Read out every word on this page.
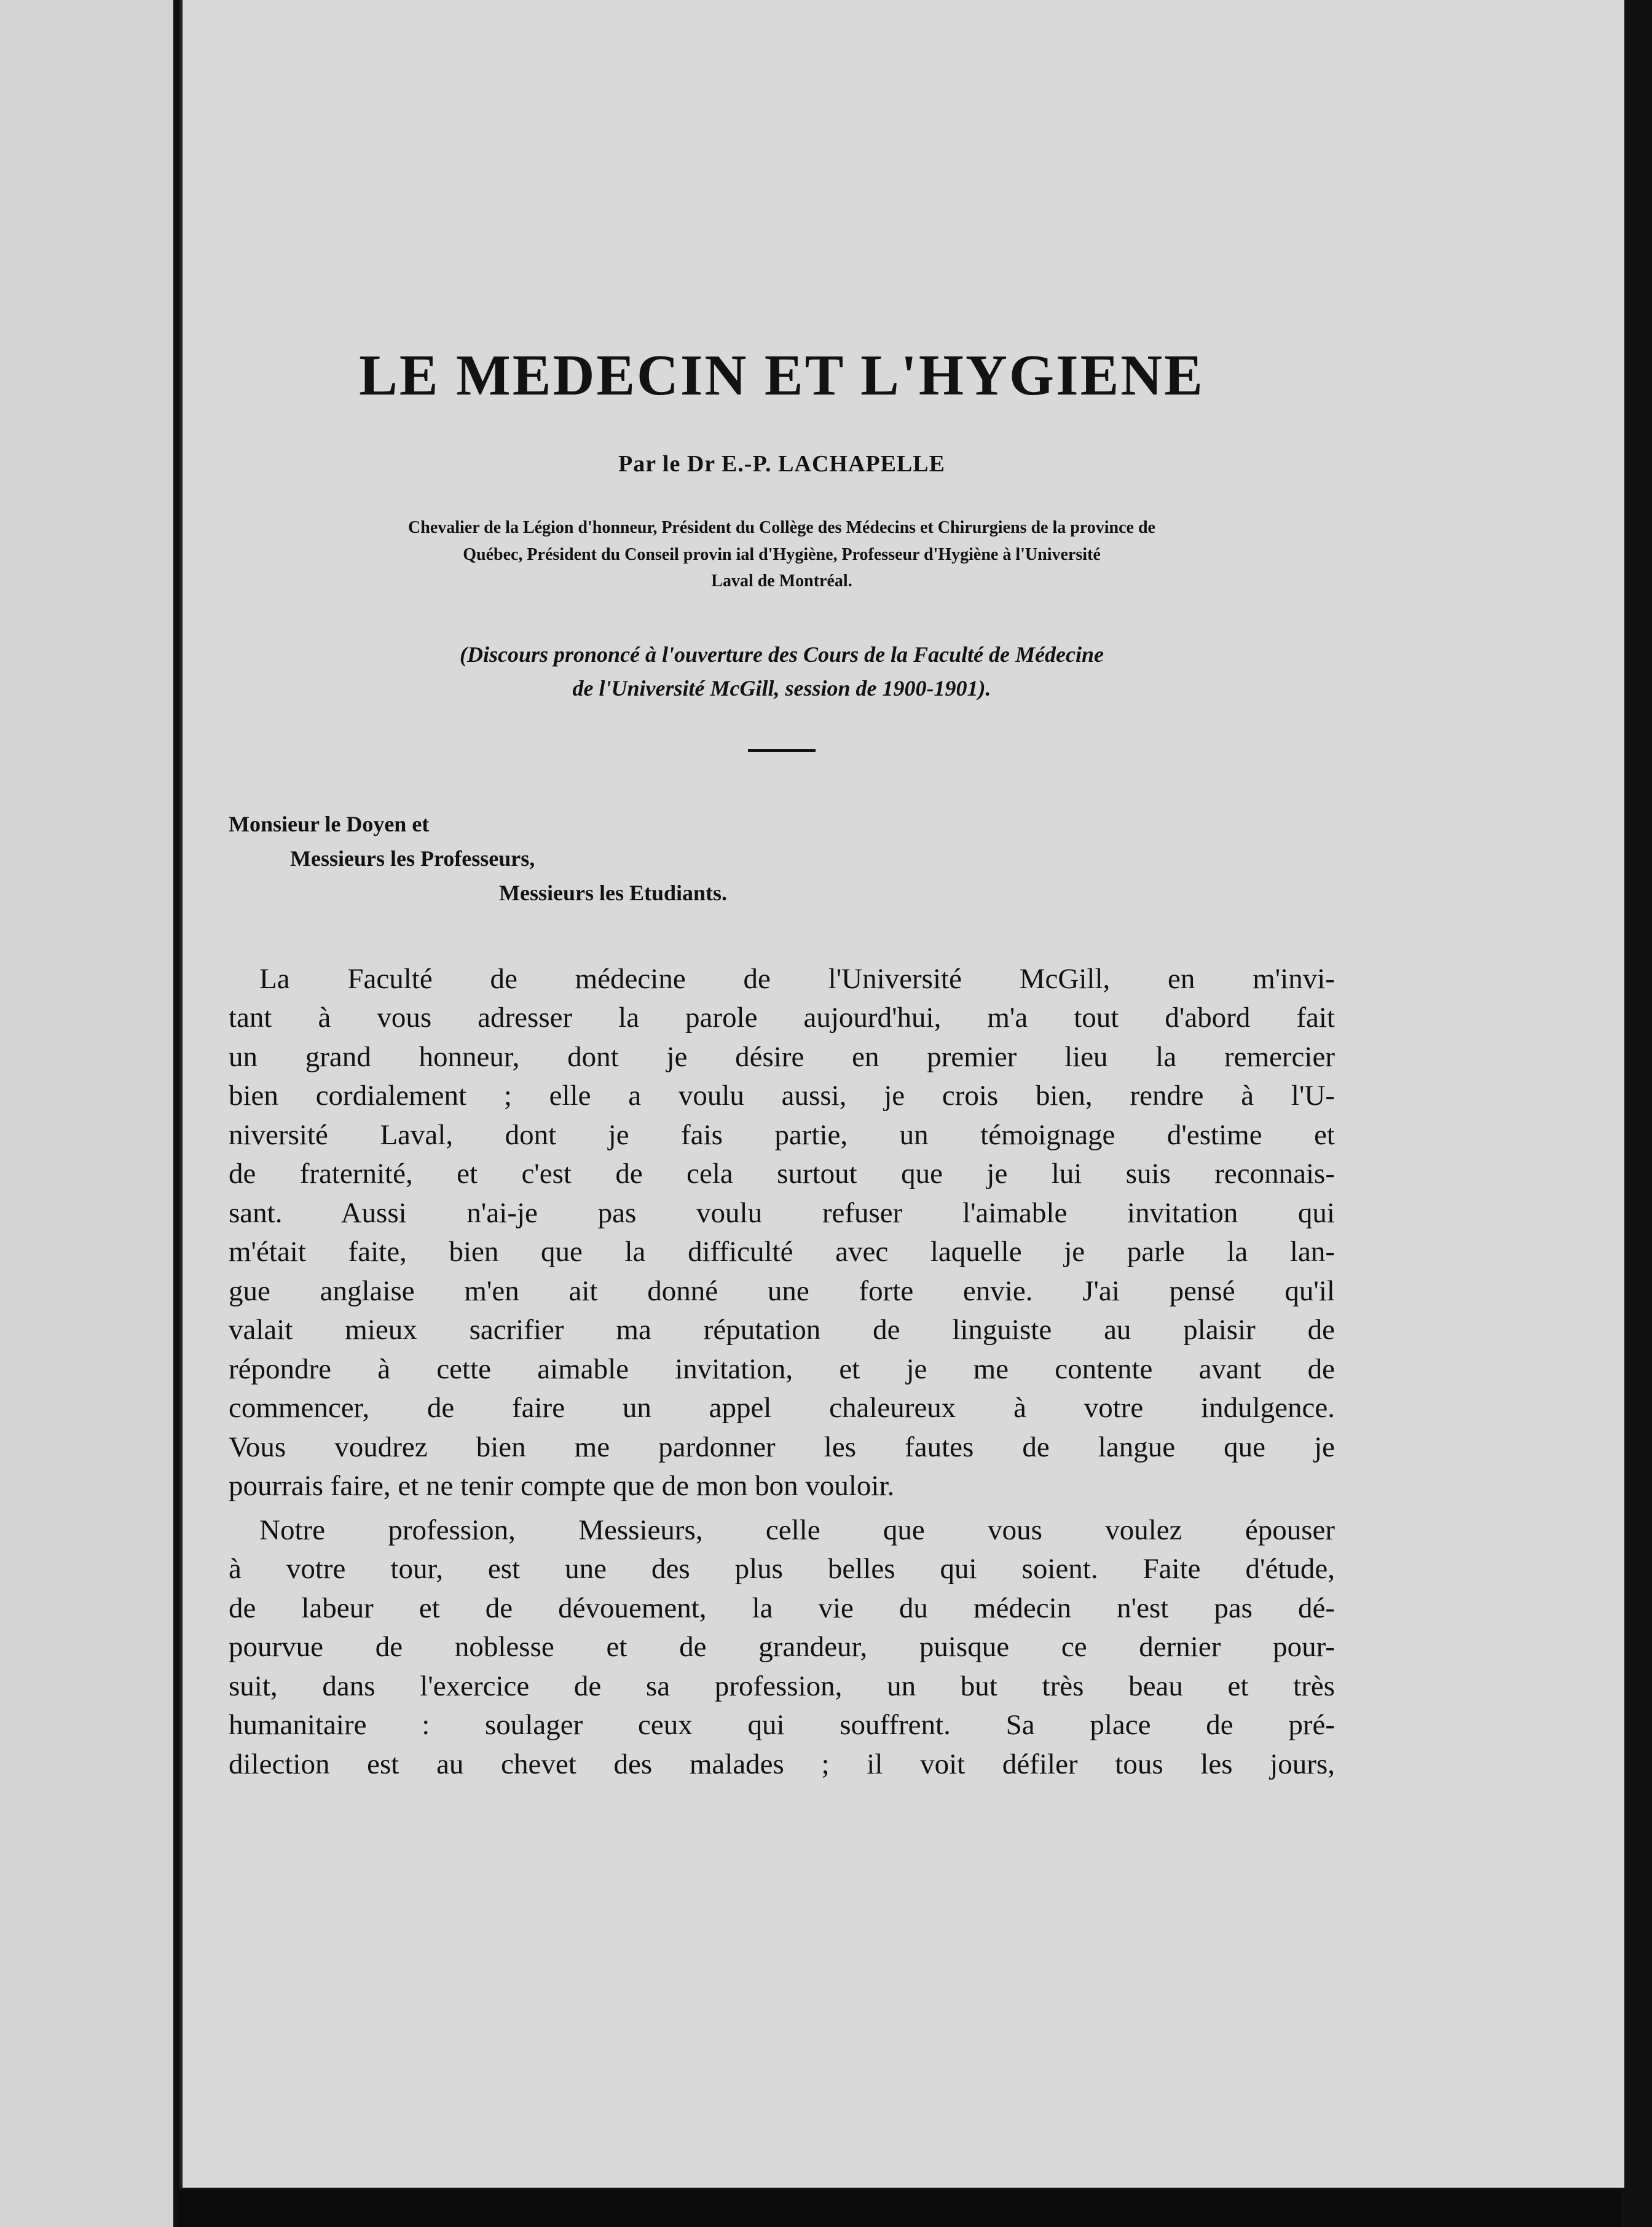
LE MEDECIN ET L'HYGIENE
Par le Dr E.-P. LACHAPELLE
Chevalier de la Légion d'honneur, Président du Collège des Médecins et Chirurgiens de la province de
Québec, Président du Conseil provin ial d'Hygiène, Professeur d'Hygiène à l'Université
Laval de Montréal.
(Discours prononcé à l'ouverture des Cours de la Faculté de Médecine
de l'Université McGill, session de 1900-1901).
Monsieur le Doyen et
Messieurs les Professeurs,
Messieurs les Etudiants.

La Faculté de médecine de l'Université McGill, en m'invi-
tant à vous adresser la parole aujourd'hui, m'a tout d'abord fait
un grand honneur, dont je désire en premier lieu la remercier
bien cordialement ; elle a voulu aussi, je crois bien, rendre à l'U-
niversité Laval, dont je fais partie, un témoignage d'estime et
de fraternité, et c'est de cela surtout que je lui suis reconnais-
sant. Aussi n'ai-je pas voulu refuser l'aimable invitation qui
m'était faite, bien que la difficulté avec laquelle je parle la lan-
gue anglaise m'en ait donné une forte envie. J'ai pensé qu'il
valait mieux sacrifier ma réputation de linguiste au plaisir de
répondre à cette aimable invitation, et je me contente avant de
commencer, de faire un appel chaleureux à votre indulgence.
Vous voudrez bien me pardonner les fautes de langue que je
pourrais faire, et ne tenir compte que de mon bon vouloir.

Notre profession, Messieurs, celle que vous voulez épouser
à votre tour, est une des plus belles qui soient. Faite d'étude,
de labeur et de dévouement, la vie du médecin n'est pas dé-
pourvue de noblesse et de grandeur, puisque ce dernier pour-
suit, dans l'exercice de sa profession, un but très beau et très
humanitaire : soulager ceux qui souffrent. Sa place de pré-
dilection est au chevet des malades ; il voit défiler tous les jours,
